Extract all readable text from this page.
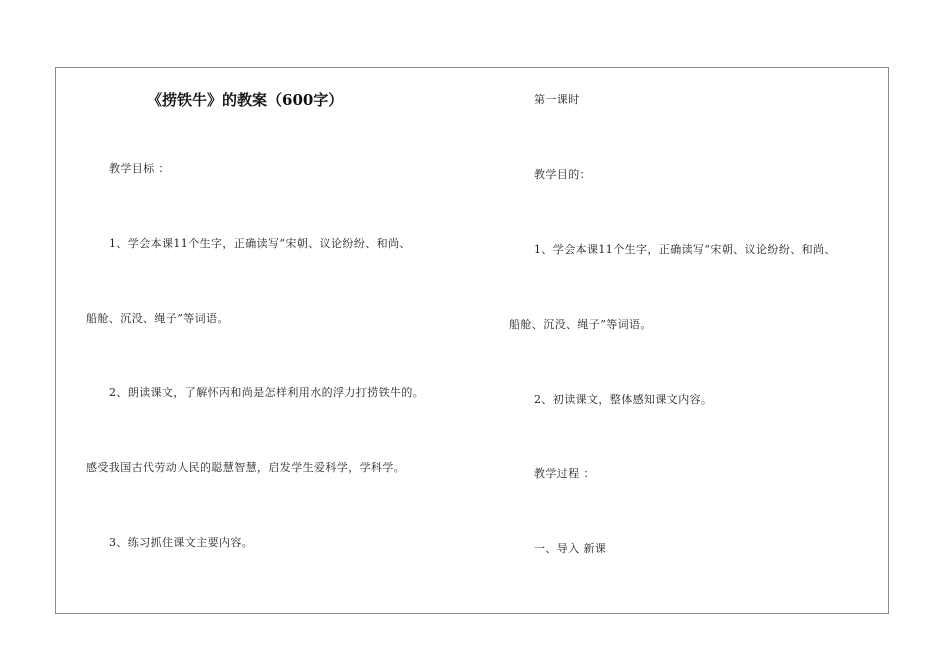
《捞铁牛》的教案（600字）
教学目标 ：
1、学会本课11个生字，正确读写“宋朝、议论纷纷、和尚、
船舱、沉没、绳子”等词语。
2、朗读课文，了解怀丙和尚是怎样利用水的浮力打捞铁牛的。
感受我国古代劳动人民的聪慧智慧，启发学生爱科学，学科学。
3、练习抓住课文主要内容。
第一课时
教学目的：
1、学会本课11个生字，正确读写“宋朝、议论纷纷、和尚、
船舱、沉没、绳子”等词语。
2、初读课文，整体感知课文内容。
教学过程 ：
一、导入 新课
